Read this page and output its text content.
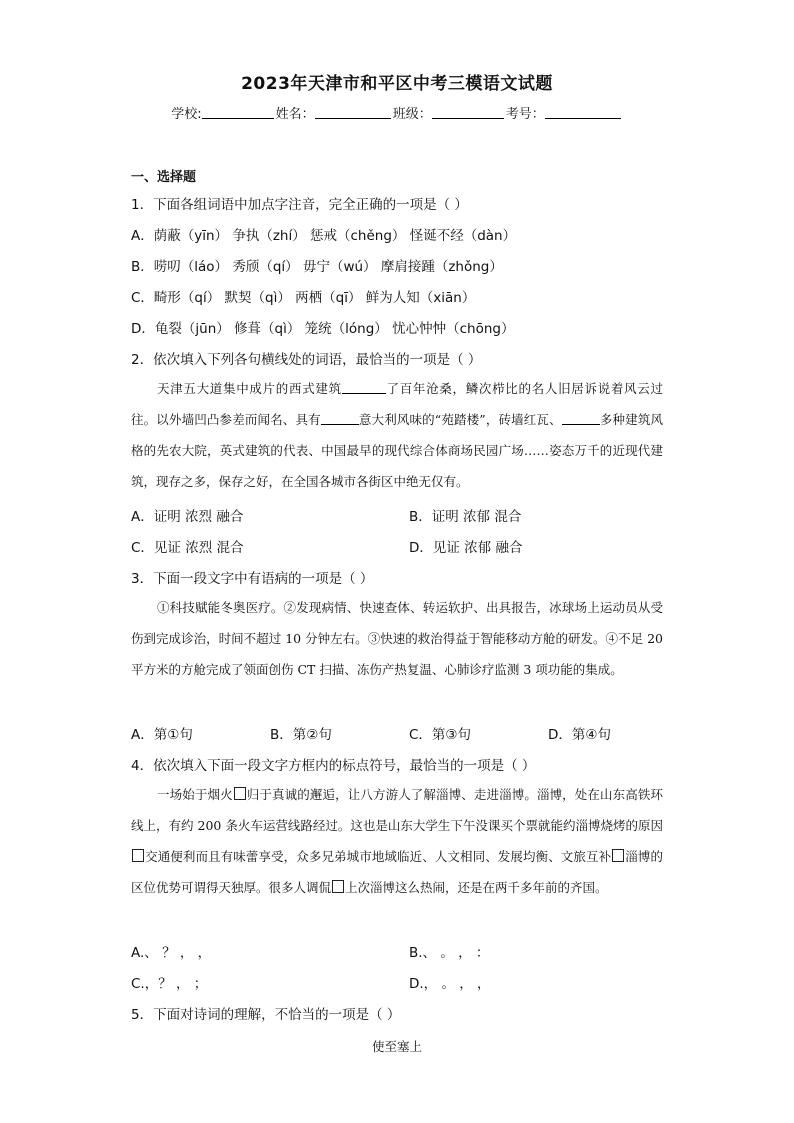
2023年天津市和平区中考三模语文试题
学校:	姓名：	班级：	考号：
一、选择题
1．下面各组词语中加点字注音，完全正确的一项是（ ）
A．荫蔽（yīn） 争执（zhí） 惩戒（chěng） 怪诞不经（dàn）
B．唠叨（láo） 秀颀（qí） 毋宁（wú） 摩肩接踵（zhǒng）
C．畸形（qí） 默契（qì） 两栖（qī） 鲜为人知（xiān）
D．龟裂（jūn） 修葺（qì） 笼统（lóng） 忧心忡忡（chōng）
2．依次填入下列各句横线处的词语，最恰当的一项是（ ）

天津五大道集中成片的西式建筑	了百年沧桑，鳞次栉比的名人旧居诉说着风云过往。以外墙凹凸参差而闻名、具有	意大利风味的“苑踏楼”，砖墙红瓦、	多种建筑风格的先农大院，英式建筑的代表、中国最早的现代综合体商场民园广场……姿态万千的近现代建筑，现存之多，保存之好，在全国各城市各街区中绝无仅有。

A．证明 浓烈 融合	B．证明 浓郁 混合
C．见证 浓烈 混合	D．见证 浓郁 融合
3．下面一段文字中有语病的一项是（ ）

①科技赋能冬奥医疗。②发现病情、快速查体、转运软护、出具报告，冰球场上运动员从受伤到完成诊治，时间不超过 10 分钟左右。③快速的救治得益于智能移动方舱的研发。④不足 20 平方米的方舱完成了领面创伤 CT 扫描、冻伤产热复温、心肺诊疗监测 3 项功能的集成。

A．第①句	B．第②句	C．第③句	D．第④句
4．依次填入下面一段文字方框内的标点符号，最恰当的一项是（ ）

一场始于烟火 归于真诚的邂逅，让八方游人了解淄博、走进淄博。淄博，处在山东高铁环线上，有约 200 条火车运营线路经过。这也是山东大学生下午没课买个票就能约淄博烧烤的原因交通便利而且有味蕾享受，众多兄弟城市地域临近、人文相同、发展均衡、文旅互补 淄博的区位优势可谓得天独厚。很多人调侃 上次淄博这么热闹，还是在两千多年前的齐国。

A.、 ？ ， ，	B.、 。 ， ：
C.，？ ， ；	D.， 。 ， ，
5．下面对诗词的理解，不恰当的一项是（ ）
使至塞上
